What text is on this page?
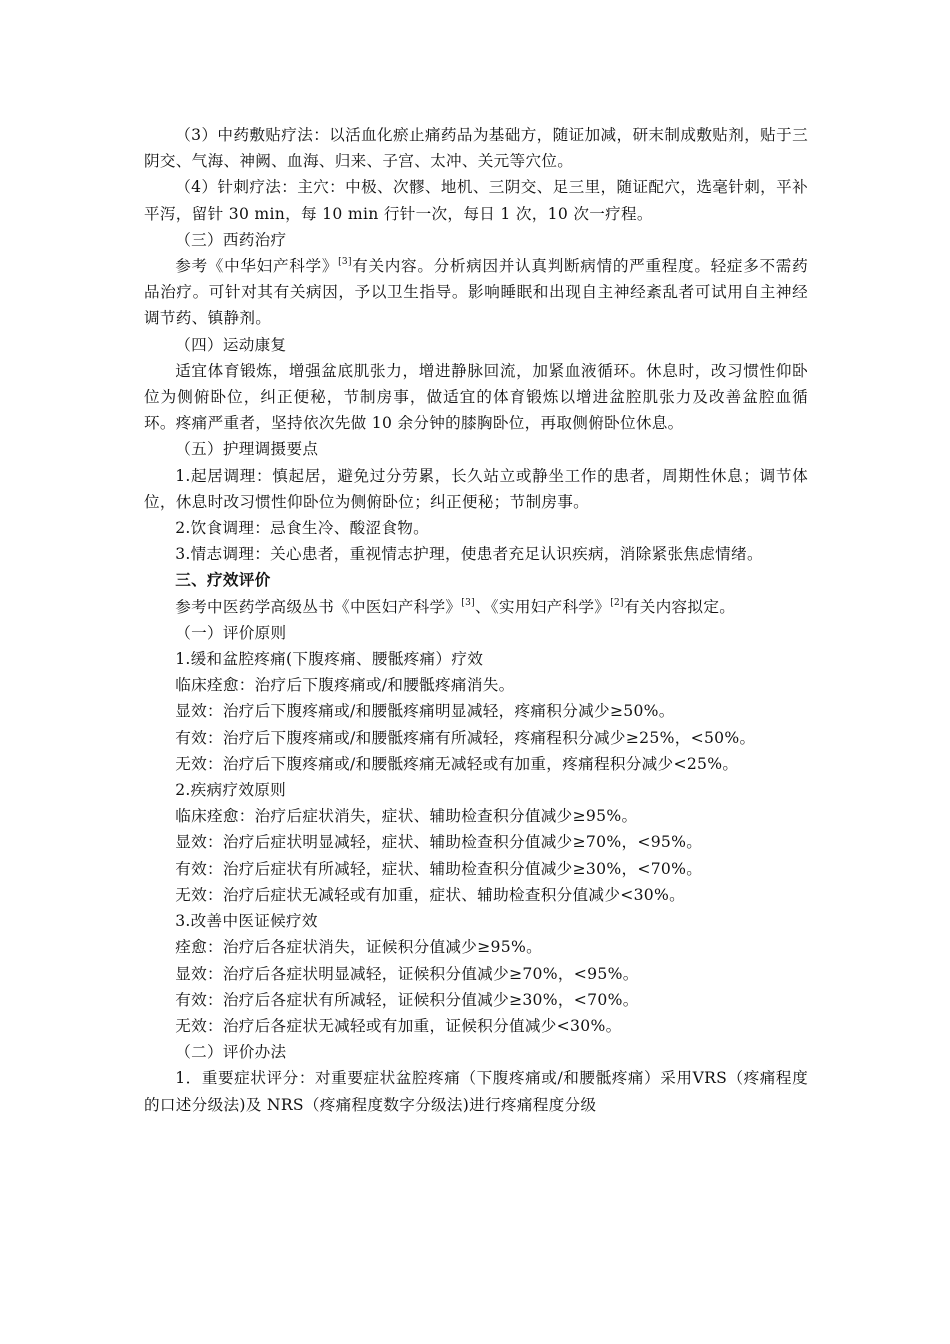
（3）中药敷贴疗法：以活血化瘀止痛药品为基础方，随证加减，研末制成敷贴剂，贴于三阴交、气海、神阙、血海、归来、子宫、太冲、关元等穴位。

（4）针刺疗法：主穴：中极、次髎、地机、三阴交、足三里，随证配穴，选毫针刺，平补平泻，留针 30 min，每 10 min 行针一次，每日 1 次，10 次一疗程。

（三）西药治疗

参考《中华妇产科学》[3]有关内容。分析病因并认真判断病情的严重程度。轻症多不需药品治疗。可针对其有关病因，予以卫生指导。影响睡眠和出现自主神经紊乱者可试用自主神经调节药、镇静剂。

（四）运动康复

适宜体育锻炼，增强盆底肌张力，增进静脉回流，加紧血液循环。休息时，改习惯性仰卧位为侧俯卧位，纠正便秘，节制房事，做适宜的体育锻炼以增进盆腔肌张力及改善盆腔血循环。疼痛严重者，坚持依次先做 10 余分钟的膝胸卧位，再取侧俯卧位休息。

（五）护理调摄要点

1.起居调理：慎起居，避免过分劳累，长久站立或静坐工作的患者，周期性休息；调节体位，休息时改习惯性仰卧位为侧俯卧位；纠正便秘；节制房事。

2.饮食调理：忌食生冷、酸涩食物。

3.情志调理：关心患者，重视情志护理，使患者充足认识疾病，消除紧张焦虑情绪。

三、疗效评价

参考中医药学高级丛书《中医妇产科学》[3]、《实用妇产科学》[2]有关内容拟定。

（一）评价原则

1.缓和盆腔疼痛(下腹疼痛、腰骶疼痛）疗效

临床痊愈：治疗后下腹疼痛或/和腰骶疼痛消失。

显效：治疗后下腹疼痛或/和腰骶疼痛明显减轻，疼痛积分减少≥50%。

有效：治疗后下腹疼痛或/和腰骶疼痛有所减轻，疼痛程积分减少≥25%，<50%。

无效：治疗后下腹疼痛或/和腰骶疼痛无减轻或有加重，疼痛程积分减少<25%。

2.疾病疗效原则

临床痊愈：治疗后症状消失，症状、辅助检查积分值减少≥95%。

显效：治疗后症状明显减轻，症状、辅助检查积分值减少≥70%，<95%。

有效：治疗后症状有所减轻，症状、辅助检查积分值减少≥30%，<70%。

无效：治疗后症状无减轻或有加重，症状、辅助检查积分值减少<30%。

3.改善中医证候疗效

痊愈：治疗后各症状消失，证候积分值减少≥95%。

显效：治疗后各症状明显减轻，证候积分值减少≥70%，<95%。

有效：治疗后各症状有所减轻，证候积分值减少≥30%，<70%。

无效：治疗后各症状无减轻或有加重，证候积分值减少<30%。

（二）评价办法

1．重要症状评分：对重要症状盆腔疼痛（下腹疼痛或/和腰骶疼痛）采用VRS（疼痛程度的口述分级法)及 NRS（疼痛程度数字分级法)进行疼痛程度分级
